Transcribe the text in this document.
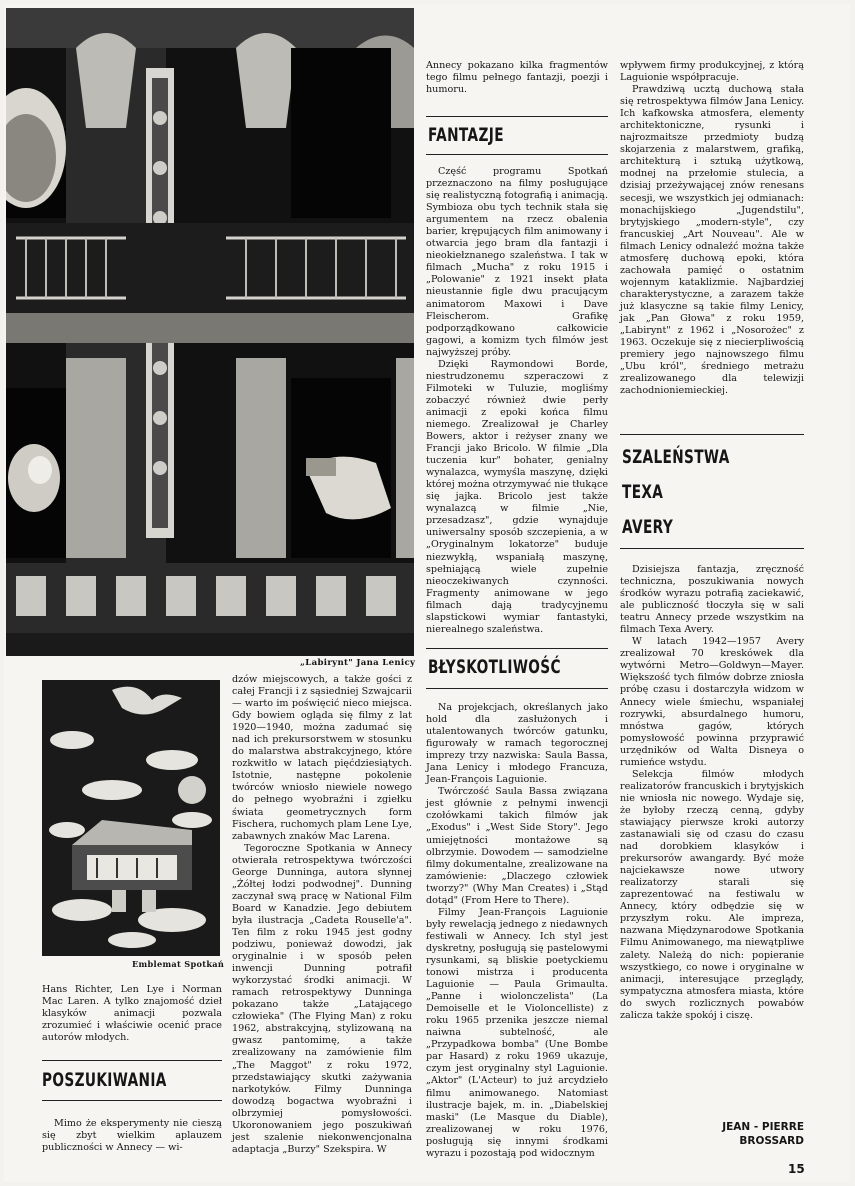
„Labirynt" Jana Lenicy
Emblemat Spotkań

Hans Richter, Len Lye i Norman Mac Laren. A tylko znajomość dzieł klasyków animacji pozwala zrozumieć i właściwie ocenić prace autorów młodych.

POSZUKIWANIA

Mimo że eksperymenty nie cieszą się zbyt wielkim aplauzem publiczności w Annecy — wi-

dzów miejscowych, a także gości z całej Francji i z sąsiedniej Szwajcarii — warto im poświęcić nieco miejsca. Gdy bowiem ogląda się filmy z lat 1920—1940, można zadumać się nad ich prekursorstwem w stosunku do malarstwa abstrakcyjnego, które rozkwitło w latach pięćdziesiątych. Istotnie, następne pokolenie twórców wniosło niewiele nowego do pełnego wyobraźni i zgiełku świata geometrycznych form Fischera, ruchomych plam Lene Lye, zabawnych znaków Mac Larena.

Tegoroczne Spotkania w Annecy otwierała retrospektywa twórczości George Dunninga, autora słynnej „Żółtej łodzi podwodnej". Dunning zaczynał swą pracę w National Film Board w Kanadzie. Jego debiutem była ilustracja „Cadeta Rouselle'a". Ten film z roku 1945 jest godny podziwu, ponieważ dowodzi, jak oryginalnie i w sposób pełen inwencji Dunning potrafił wykorzystać środki animacji. W ramach retrospektywy Dunninga pokazano także „Latającego człowieka" (The Flying Man) z roku 1962, abstrakcyjną, stylizowaną na gwasz pantomimę, a także zrealizowany na zamówienie film „The Maggot" z roku 1972, przedstawiający skutki zażywania narkotyków. Filmy Dunninga dowodzą bogactwa wyobraźni i olbrzymiej pomysłowości. Ukoronowaniem jego poszukiwań jest szalenie niekonwencjonalna adaptacja „Burzy" Szekspira. W

Annecy pokazano kilka fragmentów tego filmu pełnego fantazji, poezji i humoru.

FANTAZJE

Część programu Spotkań przeznaczono na filmy posługujące się realistyczną fotografią i animacją. Symbioza obu tych technik stała się argumentem na rzecz obalenia barier, krępujących film animowany i otwarcia jego bram dla fantazji i nieokiełznanego szaleństwa. I tak w filmach „Mucha" z roku 1915 i „Polowanie" z 1921 insekt płata nieustannie figle dwu pracującym animatorom Maxowi i Dave Fleischerom. Grafikę podporządkowano całkowicie gagowi, a komizm tych filmów jest najwyższej próby.

Dzięki Raymondowi Borde, niestrudzonemu szperaczowi z Filmoteki w Tuluzie, mogliśmy zobaczyć również dwie perły animacji z epoki końca filmu niemego. Zrealizował je Charley Bowers, aktor i reżyser znany we Francji jako Bricolo. W filmie „Dla tuczenia kur" bohater, genialny wynalazca, wymyśla maszynę, dzięki której można otrzymywać nie tłukące się jajka. Bricolo jest także wynalazcą w filmie „Nie, przesadzasz", gdzie wynajduje uniwersalny sposób szczepienia, a w „Oryginalnym lokatorze" buduje niezwykłą, wspaniałą maszynę, spełniającą wiele zupełnie nieoczekiwanych czynności. Fragmenty animowane w jego filmach dają tradycyjnemu slapstickowi wymiar fantastyki, nierealnego szaleństwa.

BŁYSKOTLIWOŚĆ

Na projekcjach, określanych jako hold dla zasłużonych i utalentowanych twórców gatunku, figurowały w ramach tegorocznej imprezy trzy nazwiska: Saula Bassa, Jana Lenicy i młodego Francuza, Jean-François Laguionie.

Twórczość Saula Bassa związana jest głównie z pełnymi inwencji czołówkami takich filmów jak „Exodus" i „West Side Story". Jego umiejętności montażowe są olbrzymie. Dowodem — samodzielne filmy dokumentalne, zrealizowane na zamówienie: „Dlaczego człowiek tworzy?" (Why Man Creates) i „Stąd dotąd" (From Here to There).

Filmy Jean-François Laguionie były rewelacją jednego z niedawnych festiwali w Annecy. Ich styl jest dyskretny, posługują się pastelowymi rysunkami, są bliskie poetyckiemu tonowi mistrza i producenta Laguionie — Paula Grimaulta. „Panne i wiolonczelista" (La Demoiselle et le Violoncelliste) z roku 1965 przenika jeszcze niemal naiwna subtelność, ale „Przypadkowa bomba" (Une Bombe par Hasard) z roku 1969 ukazuje, czym jest oryginalny styl Laguionie. „Aktor" (L'Acteur) to już arcydzieło filmu animowanego. Natomiast ilustracje bajek, m. in. „Diabelskiej maski" (Le Masque du Diable), zrealizowanej w roku 1976, posługują się innymi środkami wyrazu i pozostają pod widocznym

wpływem firmy produkcyjnej, z którą Laguionie współpracuje.

Prawdziwą ucztą duchową stała się retrospektywa filmów Jana Lenicy. Ich kafkowska atmosfera, elementy architektoniczne, rysunki i najrozmaitsze przedmioty budzą skojarzenia z malarstwem, grafiką, architekturą i sztuką użytkową, modnej na przełomie stulecia, a dzisiaj przeżywającej znów renesans secesji, we wszystkich jej odmianach: monachijskiego „Jugendstilu", brytyjskiego „modern-style", czy francuskiej „Art Nouveau". Ale w filmach Lenicy odnaleźć można także atmosferę duchową epoki, która zachowała pamięć o ostatnim wojennym kataklizmie. Najbardziej charakterystyczne, a zarazem także już klasyczne są takie filmy Lenicy, jak „Pan Głowa" z roku 1959, „Labirynt" z 1962 i „Nosorożec" z 1963. Oczekuje się z niecierpliwością premiery jego najnowszego filmu „Ubu król", średniego metrażu zrealizowanego dla telewizji zachodnioniemieckiej.

SZALEŃSTWA
TEXA
AVERY

Dzisiejsza fantazja, zręczność techniczna, poszukiwania nowych środków wyrazu potrafią zaciekawić, ale publiczność tłoczyła się w sali teatru Annecy przede wszystkim na filmach Texa Avery.

W latach 1942—1957 Avery zrealizował 70 kreskówek dla wytwórni Metro—Goldwyn—Mayer. Większość tych filmów dobrze zniosła próbę czasu i dostarczyła widzom w Annecy wiele śmiechu, wspaniałej rozrywki, absurdalnego humoru, mnóstwa gagów, których pomysłowość powinna przyprawić urzędników od Walta Disneya o rumieńce wstydu.

Selekcja filmów młodych realizatorów francuskich i brytyjskich nie wniosła nic nowego. Wydaje się, że byłoby rzeczą cenną, gdyby stawiający pierwsze kroki autorzy zastanawiali się od czasu do czasu nad dorobkiem klasyków i prekursorów awangardy. Być może najciekawsze nowe utwory realizatorzy starali się zaprezentować na festiwalu w Annecy, który odbędzie się w przyszłym roku. Ale impreza, nazwana Międzynarodowe Spotkania Filmu Animowanego, ma niewątpliwe zalety. Należą do nich: popieranie wszystkiego, co nowe i oryginalne w animacji, interesujące przeglądy, sympatyczna atmosfera miasta, które do swych rozlicznych powabów zalicza także spokój i ciszę.

JEAN - PIERRE
BROSSARD
15
